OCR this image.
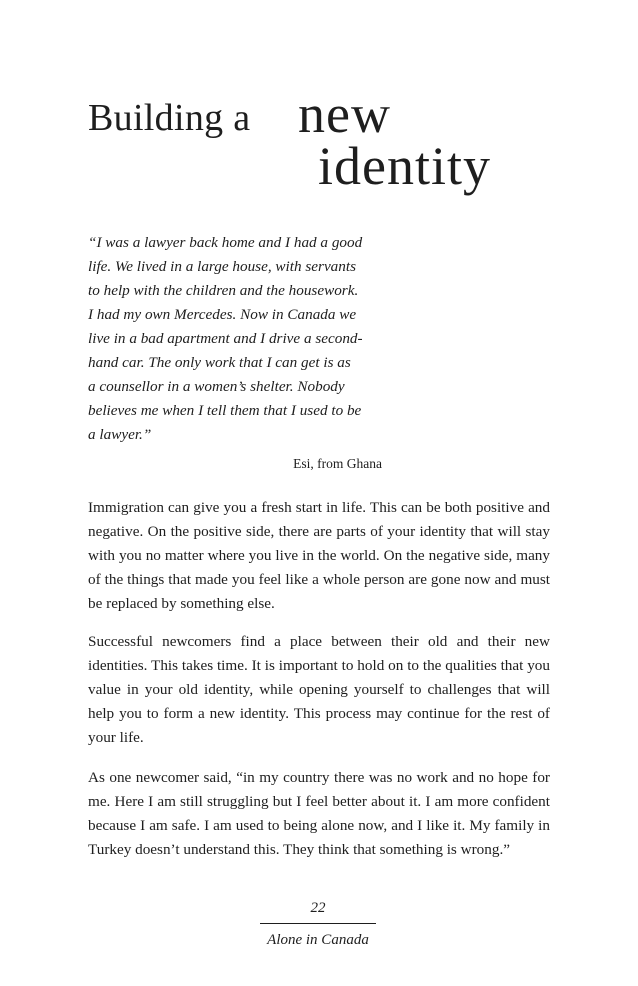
Building a new
identity
“I was a lawyer back home and I had a good
life. We lived in a large house, with servants
to help with the children and the housework.
I had my own Mercedes. Now in Canada we
live in a bad apartment and I drive a second-
hand car. The only work that I can get is as
a counsellor in a women’s shelter. Nobody
believes me when I tell them that I used to be
a lawyer.”
Esi, from Ghana

Immigration can give you a fresh start in life. This can be both positive and negative. On the positive side, there are parts of your identity that will stay with you no matter where you live in the world. On the negative side, many of the things that made you feel like a whole person are gone now and must be replaced by something else.

Successful newcomers find a place between their old and their new identities. This takes time. It is important to hold on to the qualities that you value in your old identity, while opening yourself to challenges that will help you to form a new identity. This process may continue for the rest of your life.

As one newcomer said, “in my country there was no work and no hope for me. Here I am still struggling but I feel better about it. I am more confident because I am safe. I am used to being alone now, and I like it. My family in Turkey doesn’t understand this. They think that something is wrong.”

22
Alone in Canada
